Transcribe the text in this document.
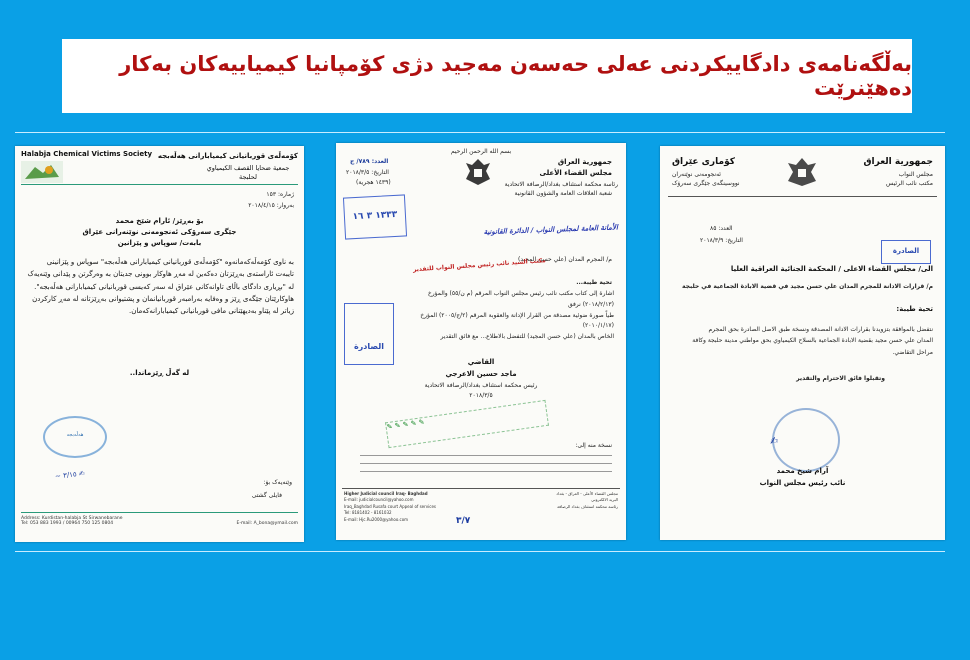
بەڵگەنامەی دادگاییکردنی عەلی حەسەن مەجید دژی کۆمپانیا کیمیاییەکان بەکار دەهێنرێت
Halabja Chemical Victims Society کۆمەڵەی قوربانیانی کیمیابارانی هەڵەبجە
جمعية ضحايا القصف الكيمياوي لحلبجة
ژمارە: ١٥٣
بەروار: ٢٠١٨/٤/١٥
بۆ بەڕێز/ ئارام شێخ محمد
جێگری سەرۆکی ئەنجومەنی نوێنەرانی عێراق
بابەت/ سوپاس و پێزانین
بە ناوی کۆمەڵەکەمانەوە "کۆمەڵەی قوربانیانی کیمیابارانی هەڵەبجە" سوپاس و پێزانینی
تایبەت ئاراستەی بەڕێزتان دەکەین لە مەڕ هاوکار بوونی جدیتان بە وەرگرتن و پێدانی وێنەیەک
لە "بڕیاری دادگای باڵای تاوانەکانی عێراق لە سەر کەیسی قوربانیانی کیمیابارانی هەڵەبجە".
هاوکارێتان جێگەی ڕێز و وەفایە بەرامبەر قوربانیانمان و پشتیوانی بەڕێزتانە لە مەڕ کارکردن
زیاتر لە پێناو بەدیهێنانی مافی قوربانیانی کیمیابارانەکەمان.
لە گەڵ ڕێزماندا..
هەڵەبجە
~ ٣/١٥ ✍
وێنەیەک بۆ:
فایلی گشتی
Address: Kurdistan-halabja St Sirwanebarane
Tel: 053 883 1993 / 00964 750 125 0804	E-mail: A_bona@ymail.com
بسم الله الرحمن الرحيم
جمهورية العراق
مجلس القضاء الأعلى
رئاسة محكمة استئناف بغداد/الرصافة الاتحادية
شعبة العلاقات العامة والشؤون القانونية
العدد: ٧٨٩/ ج
التاريخ: ٢٠١٨/٣/٥
(١٤٣٩ هجرية)
١٣٣٣ ٣ ١٦
الأمانة العامة لمجلس النواب / الدائرة القانونية
م/ المجرم المدان (علي حسن المجيد)
مكتب السيد نائب رئيس مجلس النواب للتقدير
تحية طيبة...
اشارة إلى كتاب مكتب نائب رئيس مجلس النواب المرقم (م ن/٥٥) والمؤرخ (٢٠١٨/٢/١٣) نرفق
طياً صورة ضوئية مصدقة من القرار الإدانة والعقوبة المرقم (٢/ج/٢٠٠٥) المؤرخ (٢٠١٠/١/١٧)
الخاص بالمدان (علي حسن المجيد) للتفضل بالاطلاع... مع فائق التقدير
الصادرة
القاضي
ماجد حسين الاعرجي
رئيس محكمة استئناف بغداد/الرصافة الاتحادية
٢٠١٨/٣/٥
✎ ✎ ✎ ✎ ✎
نسخة منه إلى:
Higher Judicial council Iraq- Baghdad
E-mail: judicialcouncil@yahoo.com
Iraq_Baghdad Rusafa court Appeal of services
Tel: 8181402 - 8161032
E-mail: Hjc.Ru2000@yahoo.com
مجلس القضاء الأعلى - العراق - بغداد
البريد الالكتروني
رئاسة محكمة استئناف بغداد الرصافة
٣/٧
كۆماری عێراق
ئەنجومەنی نوێنەران
نووسینگەی جێگری سەرۆک
جمهورية العراق
مجلس النواب
مكتب نائب الرئيس
العدد: ٨٥
التاريخ: ٢٠١٨/٣/٩
الصادرة
الى/ مجلس القضاء الاعلى / المحكمة الجنائية العراقية العليا
م/ قرارات الادانة للمجرم المدان علي حسن مجيد في قضية الابادة الجماعية في حلبجة
تحية طيبة:
نتفضل بالموافقة بتزويدنا بقرارات الادانة المصدقة ونسخة طبق الاصل الصادرة بحق المجرم
المدان علي حسن مجيد بقضية الابادة الجماعية بالسلاح الكيمياوي بحق مواطني مدينة حلبجة وكافة
مراحل التقاضي.
وتقبلوا فائق الاحترام والتقدير
✍
آرام شيخ محمد
نائب رئيس مجلس النواب
